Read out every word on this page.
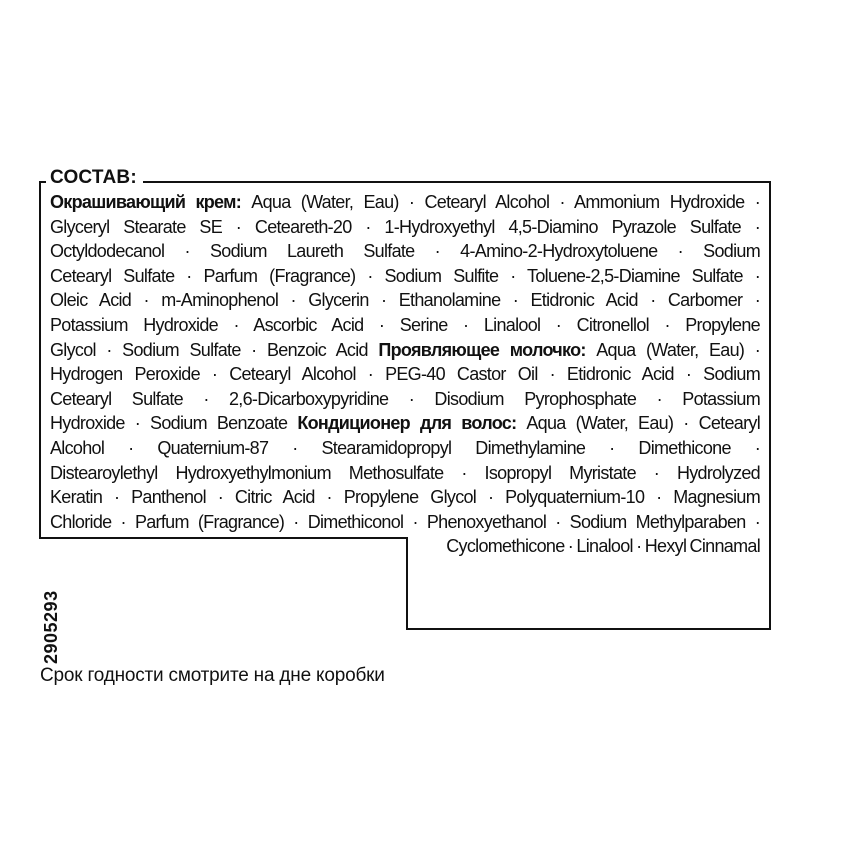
СОСТАВ:
Окрашивающий крем: Aqua (Water, Eau) · Cetearyl Alcohol · Ammonium Hydroxide ·
Glyceryl Stearate SE · Ceteareth-20 · 1-Hydroxyethyl 4,5-Diamino Pyrazole Sulfate ·
Octyldodecanol · Sodium Laureth Sulfate · 4-Amino-2-Hydroxytoluene · Sodium
Cetearyl Sulfate · Parfum (Fragrance) · Sodium Sulfite · Toluene-2,5-Diamine Sulfate ·
Oleic Acid · m-Aminophenol · Glycerin · Ethanolamine · Etidronic Acid · Carbomer ·
Potassium Hydroxide · Ascorbic Acid · Serine · Linalool · Citronellol · Propylene
Glycol · Sodium Sulfate · Benzoic Acid Проявляющее молочко: Aqua (Water, Eau) ·
Hydrogen Peroxide · Cetearyl Alcohol · PEG-40 Castor Oil · Etidronic Acid · Sodium
Cetearyl Sulfate · 2,6-Dicarboxypyridine · Disodium Pyrophosphate · Potassium
Hydroxide · Sodium Benzoate Кондиционер для волос: Aqua (Water, Eau) · Cetearyl
Alcohol · Quaternium-87 · Stearamidopropyl Dimethylamine · Dimethicone ·
Distearoylethyl Hydroxyethylmonium Methosulfate · Isopropyl Myristate · Hydrolyzed
Keratin · Panthenol · Citric Acid · Propylene Glycol · Polyquaternium-10 · Magnesium
Chloride · Parfum (Fragrance) · Dimethiconol · Phenoxyethanol · Sodium Methylparaben ·
Cyclomethicone · Linalool · Hexyl Cinnamal
2905293
Срок годности смотрите на дне коробки
